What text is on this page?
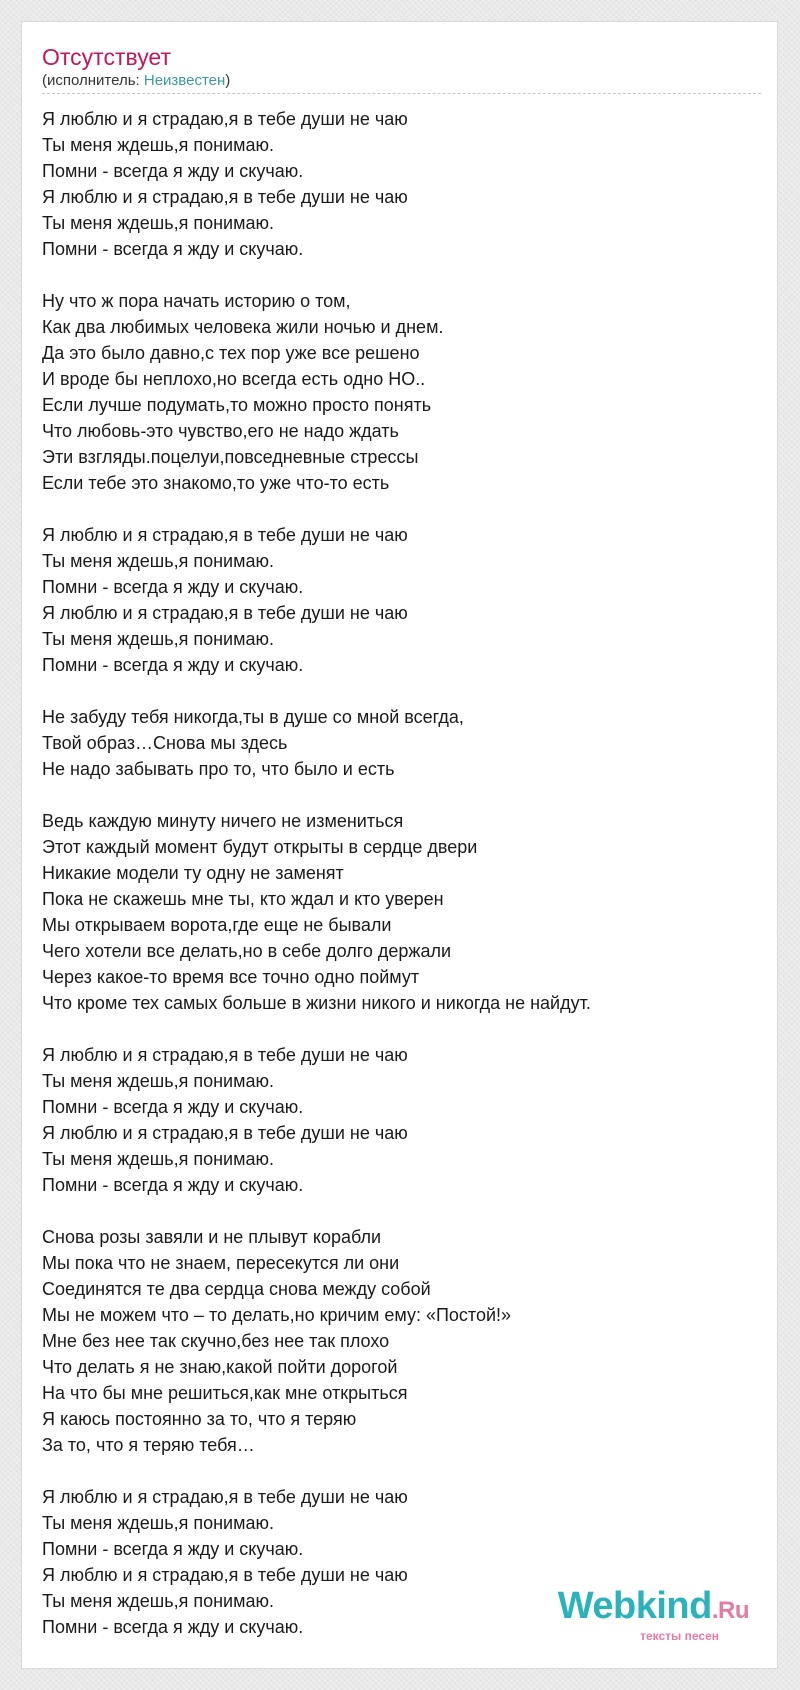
Отсутствует
(исполнитель: Неизвестен)
Я люблю и я страдаю,я в тебе души не чаю
Ты меня ждешь,я понимаю.
Помни - всегда я жду и скучаю.
Я люблю и я страдаю,я в тебе души не чаю
Ты меня ждешь,я понимаю.
Помни - всегда я жду и скучаю.
Ну что ж пора начать историю о том,
Как два любимых человека жили ночью и днем.
Да это было давно,с тех пор уже все решено
И вроде бы неплохо,но всегда есть одно НО..
Если лучше подумать,то можно просто понять
Что любовь-это чувство,его не надо ждать
Эти взгляды.поцелуи,повседневные стрессы
Если тебе это знакомо,то уже что-то есть
Я люблю и я страдаю,я в тебе души не чаю
Ты меня ждешь,я понимаю.
Помни - всегда я жду и скучаю.
Я люблю и я страдаю,я в тебе души не чаю
Ты меня ждешь,я понимаю.
Помни - всегда я жду и скучаю.
Не забуду тебя никогда,ты в душе со мной всегда,
Твой образ…Снова мы здесь
Не надо забывать про то, что было и есть
Ведь каждую минуту ничего не измениться
Этот каждый момент будут открыты в сердце двери
Никакие модели ту одну не заменят
Пока не скажешь мне ты, кто ждал и кто уверен
Мы открываем ворота,где еще не бывали
Чего хотели все делать,но в себе долго держали
Через какое-то время все точно одно поймут
Что кроме тех самых больше в жизни никого и никогда не найдут.
Я люблю и я страдаю,я в тебе души не чаю
Ты меня ждешь,я понимаю.
Помни - всегда я жду и скучаю.
Я люблю и я страдаю,я в тебе души не чаю
Ты меня ждешь,я понимаю.
Помни - всегда я жду и скучаю.
Снова розы завяли и не плывут корабли
Мы пока что не знаем, пересекутся ли они
Соединятся те два сердца снова между собой
Мы не можем что – то делать,но кричим ему: «Постой!»
Мне без нее так скучно,без нее так плохо
Что делать я не знаю,какой пойти дорогой
На что бы мне решиться,как мне открыться
Я каюсь постоянно за то, что я теряю
За то, что я теряю тебя…
Я люблю и я страдаю,я в тебе души не чаю
Ты меня ждешь,я понимаю.
Помни - всегда я жду и скучаю.
Я люблю и я страдаю,я в тебе души не чаю
Ты меня ждешь,я понимаю.
Помни - всегда я жду и скучаю.	Webkind.Ru
тексты песен
